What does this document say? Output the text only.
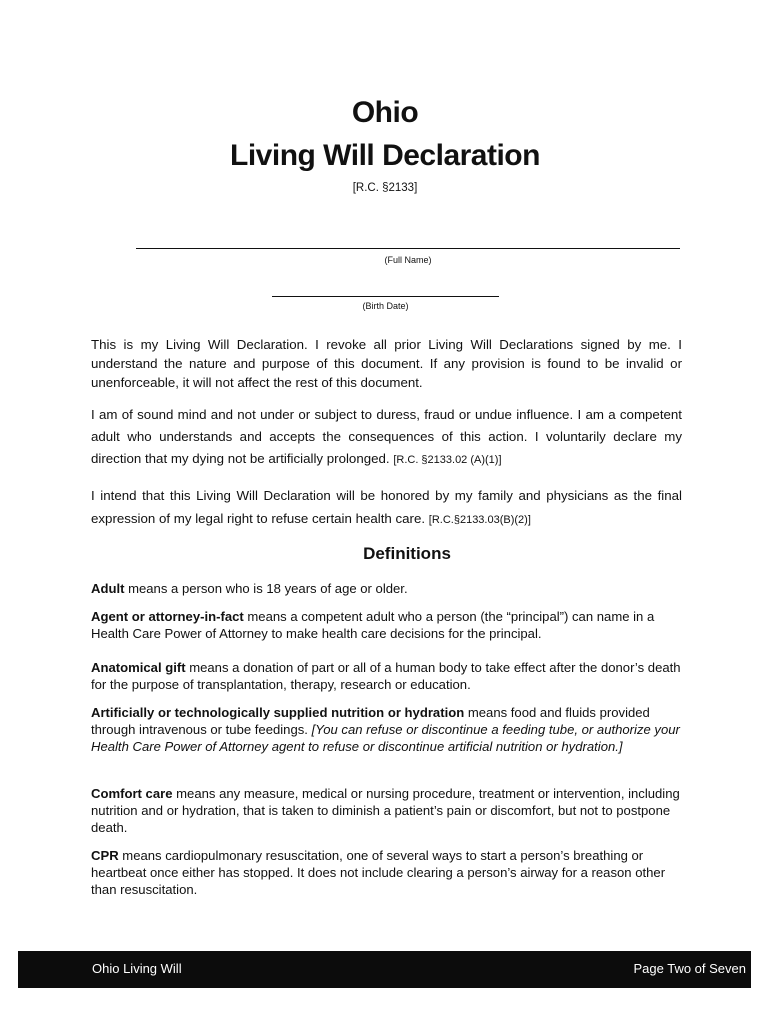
Ohio
Living Will Declaration
[R.C. §2133]
(Full Name)
(Birth Date)
This is my Living Will Declaration. I revoke all prior Living Will Declarations signed by me. I understand the nature and purpose of this document. If any provision is found to be invalid or unenforceable, it will not affect the rest of this document.
I am of sound mind and not under or subject to duress, fraud or undue influence. I am a competent adult who understands and accepts the consequences of this action. I voluntarily declare my direction that my dying not be artificially prolonged. [R.C. §2133.02 (A)(1)]
I intend that this Living Will Declaration will be honored by my family and physicians as the final expression of my legal right to refuse certain health care. [R.C.§2133.03(B)(2)]
Definitions
Adult means a person who is 18 years of age or older.
Agent or attorney-in-fact means a competent adult who a person (the “principal”) can name in a Health Care Power of Attorney to make health care decisions for the principal.
Anatomical gift means a donation of part or all of a human body to take effect after the donor’s death for the purpose of transplantation, therapy, research or education.
Artificially or technologically supplied nutrition or hydration means food and fluids provided through intravenous or tube feedings. [You can refuse or discontinue a feeding tube, or authorize your Health Care Power of Attorney agent to refuse or discontinue artificial nutrition or hydration.]
Comfort care means any measure, medical or nursing procedure, treatment or intervention, including nutrition and or hydration, that is taken to diminish a patient’s pain or discomfort, but not to postpone death.
CPR means cardiopulmonary resuscitation, one of several ways to start a person’s breathing or heartbeat once either has stopped. It does not include clearing a person’s airway for a reason other than resuscitation.
Ohio Living Will	Page Two of Seven
